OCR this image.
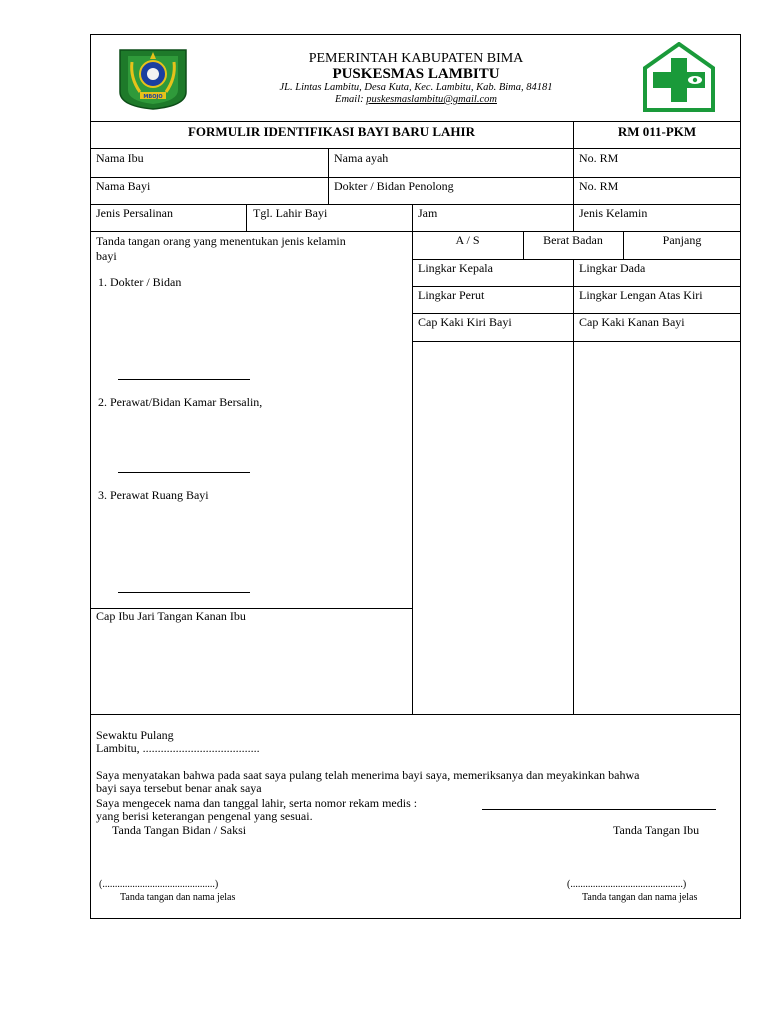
MBOJO
PEMERINTAH KABUPATEN BIMA
PUSKESMAS LAMBITU
JL. Lintas Lambitu, Desa Kuta, Kec. Lambitu, Kab. Bima, 84181
Email: puskesmaslambitu@gmail.com
FORMULIR IDENTIFIKASI BAYI BARU LAHIR	RM 011-PKM
Nama Ibu	Nama ayah	No. RM
Nama Bayi	Dokter / Bidan Penolong	No. RM
Jenis Persalinan	Tgl. Lahir Bayi	Jam	Jenis Kelamin
Tanda tangan orang yang menentukan jenis kelamin
bayi
1. Dokter / Bidan
2. Perawat/Bidan Kamar Bersalin,
3. Perawat Ruang Bayi
Cap Ibu Jari Tangan Kanan Ibu
A / S	Berat Badan	Panjang
Lingkar Kepala	Lingkar Dada
Lingkar Perut	Lingkar Lengan Atas Kiri
Cap Kaki Kiri Bayi	Cap Kaki Kanan Bayi
Sewaktu Pulang
Lambitu, .......................................
Saya menyatakan bahwa pada saat saya pulang telah menerima bayi saya, memeriksanya dan meyakinkan bahwa
bayi saya tersebut benar anak saya
Saya mengecek nama dan tanggal lahir, serta nomor rekam medis :
yang berisi keterangan pengenal yang sesuai.
Tanda Tangan Bidan / Saksi	Tanda Tangan Ibu
(.............................................)	(.............................................)
Tanda tangan dan nama jelas	Tanda tangan dan nama jelas
